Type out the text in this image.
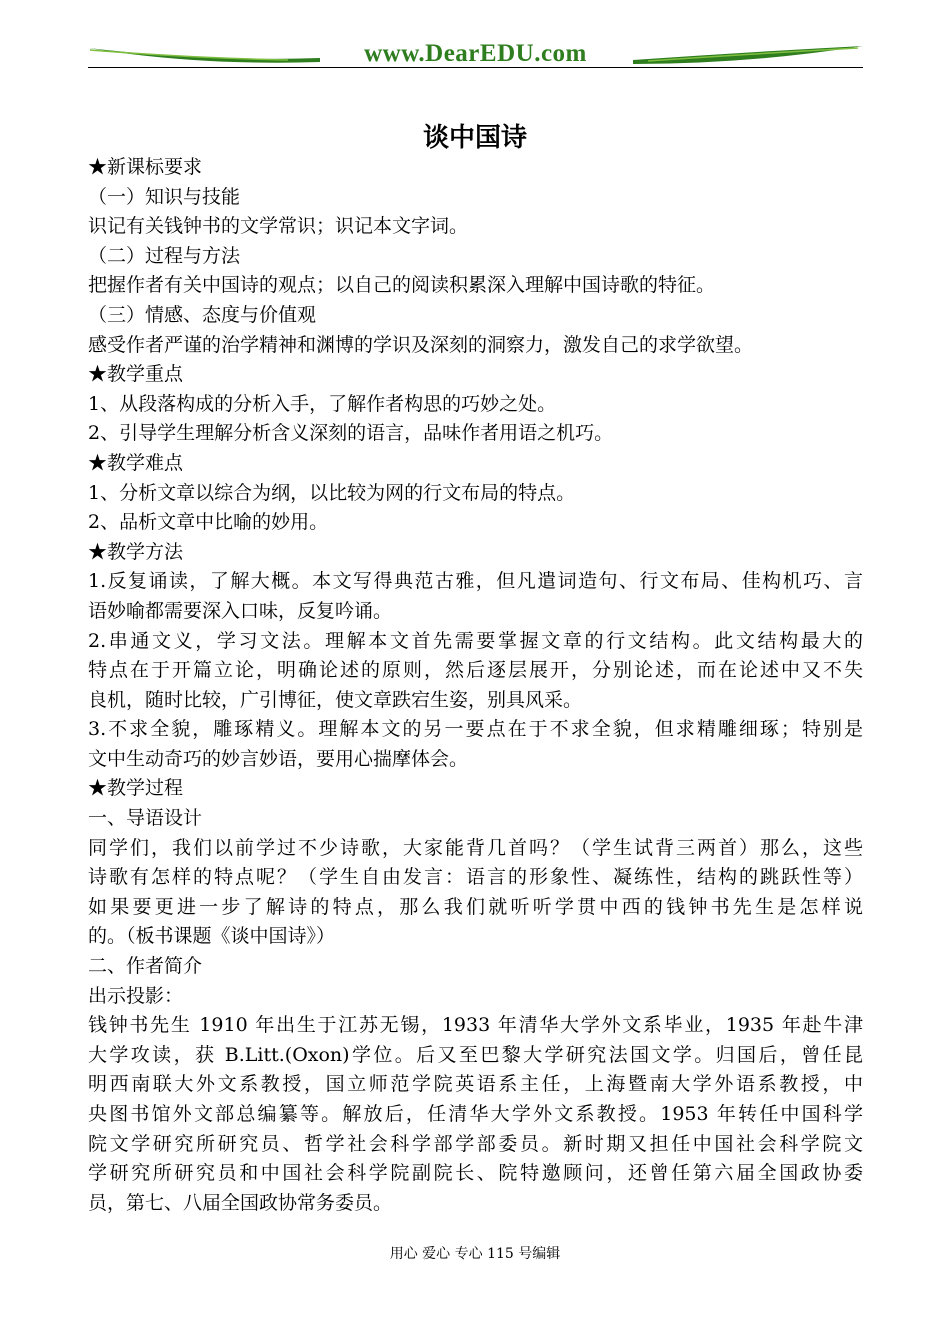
www.DearEDU.com
谈中国诗
★新课标要求
（一）知识与技能
识记有关钱钟书的文学常识；识记本文字词。
（二）过程与方法
把握作者有关中国诗的观点；以自己的阅读积累深入理解中国诗歌的特征。
（三）情感、态度与价值观
感受作者严谨的治学精神和渊博的学识及深刻的洞察力，激发自己的求学欲望。
★教学重点
1、从段落构成的分析入手，了解作者构思的巧妙之处。
2、引导学生理解分析含义深刻的语言，品味作者用语之机巧。
★教学难点
1、分析文章以综合为纲，以比较为网的行文布局的特点。
2、品析文章中比喻的妙用。
★教学方法
1.反复诵读，了解大概。本文写得典范古雅，但凡遣词造句、行文布局、佳构机巧、言
语妙喻都需要深入口味，反复吟诵。
2.串通文义，学习文法。理解本文首先需要掌握文章的行文结构。此文结构最大的
特点在于开篇立论，明确论述的原则，然后逐层展开，分别论述，而在论述中又不失
良机，随时比较，广引博征，使文章跌宕生姿，别具风采。
3.不求全貌，雕琢精义。理解本文的另一要点在于不求全貌，但求精雕细琢；特别是
文中生动奇巧的妙言妙语，要用心揣摩体会。
★教学过程
一、导语设计
同学们，我们以前学过不少诗歌，大家能背几首吗？（学生试背三两首）那么，这些
诗歌有怎样的特点呢？（学生自由发言：语言的形象性、凝练性，结构的跳跃性等）
如果要更进一步了解诗的特点，那么我们就听听学贯中西的钱钟书先生是怎样说
的。（板书课题《谈中国诗》）
二、作者简介
出示投影：
钱钟书先生 1910 年出生于江苏无锡，1933 年清华大学外文系毕业，1935 年赴牛津
大学攻读，获 B.Litt.(Oxon)学位。后又至巴黎大学研究法国文学。归国后，曾任昆
明西南联大外文系教授，国立师范学院英语系主任，上海暨南大学外语系教授，中
央图书馆外文部总编纂等。解放后，任清华大学外文系教授。1953 年转任中国科学
院文学研究所研究员、哲学社会科学部学部委员。新时期又担任中国社会科学院文
学研究所研究员和中国社会科学院副院长、院特邀顾问，还曾任第六届全国政协委
员，第七、八届全国政协常务委员。
用心 爱心 专心 115 号编辑
